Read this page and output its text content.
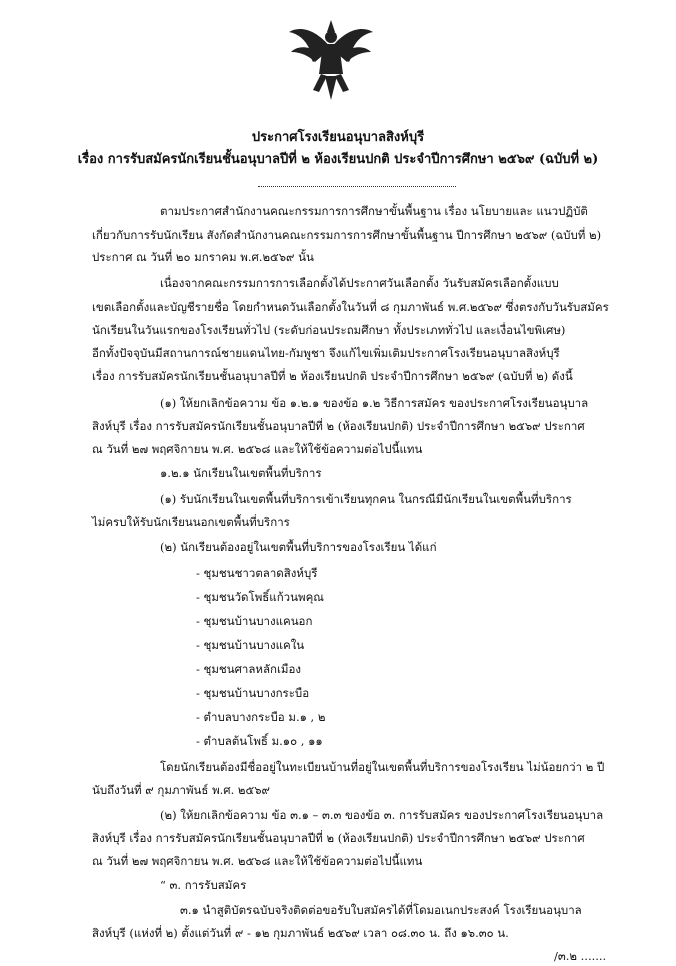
ประกาศโรงเรียนอนุบาลสิงห์บุรี
เรื่อง การรับสมัครนักเรียนชั้นอนุบาลปีที่ ๒ ห้องเรียนปกติ ประจำปีการศึกษา ๒๕๖๙ (ฉบับที่ ๒)
ตามประกาศสำนักงานคณะกรรมการการศึกษาขั้นพื้นฐาน เรื่อง นโยบายและ แนวปฏิบัติ
เกี่ยวกับการรับนักเรียน สังกัดสำนักงานคณะกรรมการการศึกษาขั้นพื้นฐาน ปีการศึกษา ๒๕๖๙ (ฉบับที่ ๒)
ประกาศ ณ วันที่ ๒๐ มกราคม พ.ศ.๒๕๖๙ นั้น
เนื่องจากคณะกรรมการการเลือกตั้งได้ประกาศวันเลือกตั้ง วันรับสมัครเลือกตั้งแบบ
เขตเลือกตั้งและบัญชีรายชื่อ โดยกำหนดวันเลือกตั้งในวันที่ ๘ กุมภาพันธ์ พ.ศ.๒๕๖๙ ซึ่งตรงกับวันรับสมัคร
นักเรียนในวันแรกของโรงเรียนทั่วไป (ระดับก่อนประถมศึกษา ทั้งประเภททั่วไป และเงื่อนไขพิเศษ)
อีกทั้งปัจจุบันมีสถานการณ์ชายแดนไทย-กัมพูชา จึงแก้ไขเพิ่มเติมประกาศโรงเรียนอนุบาลสิงห์บุรี
เรื่อง การรับสมัครนักเรียนชั้นอนุบาลปีที่ ๒ ห้องเรียนปกติ ประจำปีการศึกษา ๒๕๖๙ (ฉบับที่ ๒) ดังนี้
(๑) ให้ยกเลิกข้อความ ข้อ ๑.๒.๑ ของข้อ ๑.๒ วิธีการสมัคร ของประกาศโรงเรียนอนุบาล
สิงห์บุรี เรื่อง การรับสมัครนักเรียนชั้นอนุบาลปีที่ ๒ (ห้องเรียนปกติ) ประจำปีการศึกษา ๒๕๖๙ ประกาศ
ณ วันที่ ๒๗ พฤศจิกายน พ.ศ. ๒๕๖๘ และให้ใช้ข้อความต่อไปนี้แทน
๑.๒.๑ นักเรียนในเขตพื้นที่บริการ
(๑) รับนักเรียนในเขตพื้นที่บริการเข้าเรียนทุกคน ในกรณีมีนักเรียนในเขตพื้นที่บริการ
ไม่ครบให้รับนักเรียนนอกเขตพื้นที่บริการ
(๒) นักเรียนต้องอยู่ในเขตพื้นที่บริการของโรงเรียน ได้แก่
- ชุมชนชาวตลาดสิงห์บุรี
- ชุมชนวัดโพธิ์แก้วนพคุณ
- ชุมชนบ้านบางแคนอก
- ชุมชนบ้านบางแคใน
- ชุมชนศาลหลักเมือง
- ชุมชนบ้านบางกระบือ
- ตำบลบางกระบือ ม.๑ , ๒
- ตำบลต้นโพธิ์ ม.๑๐ , ๑๑
โดยนักเรียนต้องมีชื่ออยู่ในทะเบียนบ้านที่อยู่ในเขตพื้นที่บริการของโรงเรียน ไม่น้อยกว่า ๒ ปี
นับถึงวันที่ ๙ กุมภาพันธ์ พ.ศ. ๒๕๖๙
(๒) ให้ยกเลิกข้อความ ข้อ ๓.๑ – ๓.๓ ของข้อ ๓. การรับสมัคร ของประกาศโรงเรียนอนุบาล
สิงห์บุรี เรื่อง การรับสมัครนักเรียนชั้นอนุบาลปีที่ ๒ (ห้องเรียนปกติ) ประจำปีการศึกษา ๒๕๖๙ ประกาศ
ณ วันที่ ๒๗ พฤศจิกายน พ.ศ. ๒๕๖๘ และให้ใช้ข้อความต่อไปนี้แทน
“ ๓. การรับสมัคร
๓.๑ นำสูติบัตรฉบับจริงติดต่อขอรับใบสมัครได้ที่โดมอเนกประสงค์ โรงเรียนอนุบาล
สิงห์บุรี (แห่งที่ ๒) ตั้งแต่วันที่ ๙ - ๑๒ กุมภาพันธ์ ๒๕๖๙ เวลา ๐๘.๓๐ น. ถึง ๑๖.๓๐ น.
/๓.๒ .......
